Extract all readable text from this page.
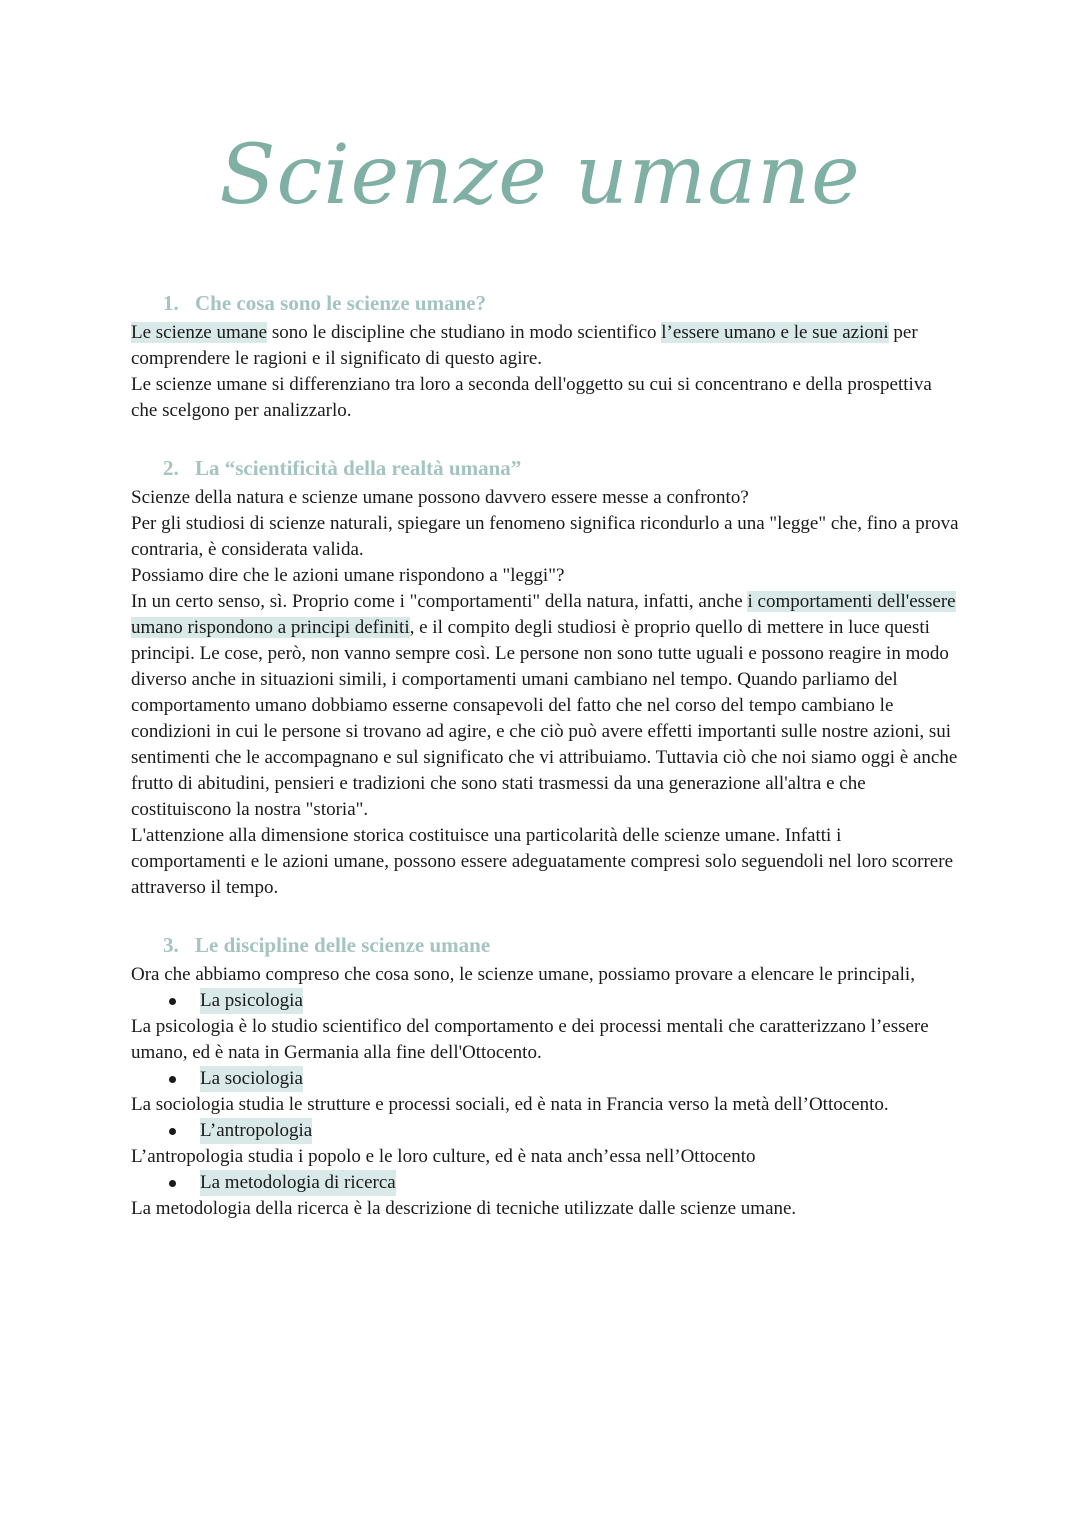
Scienze umane
1. Che cosa sono le scienze umane?

Le scienze umane sono le discipline che studiano in modo scientifico l’essere umano e le sue azioni per comprendere le ragioni e il significato di questo agire.

Le scienze umane si differenziano tra loro a seconda dell'oggetto su cui si concentrano e della prospettiva che scelgono per analizzarlo.

2. La “scientificità della realtà umana”

Scienze della natura e scienze umane possono davvero essere messe a confronto?

Per gli studiosi di scienze naturali, spiegare un fenomeno significa ricondurlo a una "legge" che, fino a prova contraria, è considerata valida.

Possiamo dire che le azioni umane rispondono a "leggi"?

In un certo senso, sì. Proprio come i "comportamenti" della natura, infatti, anche i comportamenti dell'essere umano rispondono a principi definiti, e il compito degli studiosi è proprio quello di mettere in luce questi principi. Le cose, però, non vanno sempre così. Le persone non sono tutte uguali e possono reagire in modo diverso anche in situazioni simili, i comportamenti umani cambiano nel tempo. Quando parliamo del comportamento umano dobbiamo esserne consapevoli del fatto che nel corso del tempo cambiano le condizioni in cui le persone si trovano ad agire, e che ciò può avere effetti importanti sulle nostre azioni, sui sentimenti che le accompagnano e sul significato che vi attribuiamo. Tuttavia ciò che noi siamo oggi è anche frutto di abitudini, pensieri e tradizioni che sono stati trasmessi da una generazione all'altra e che costituiscono la nostra "storia".

L'attenzione alla dimensione storica costituisce una particolarità delle scienze umane. Infatti i comportamenti e le azioni umane, possono essere adeguatamente compresi solo seguendoli nel loro scorrere attraverso il tempo.

3. Le discipline delle scienze umane

Ora che abbiamo compreso che cosa sono, le scienze umane, possiamo provare a elencare le principali,

La psicologia

La psicologia è lo studio scientifico del comportamento e dei processi mentali che caratterizzano l’essere umano, ed è nata in Germania alla fine dell'Ottocento.

La sociologia

La sociologia studia le strutture e processi sociali, ed è nata in Francia verso la metà dell’Ottocento.

L’antropologia

L’antropologia studia i popolo e le loro culture, ed è nata anch’essa nell’Ottocento

La metodologia di ricerca

La metodologia della ricerca è la descrizione di tecniche utilizzate dalle scienze umane.
